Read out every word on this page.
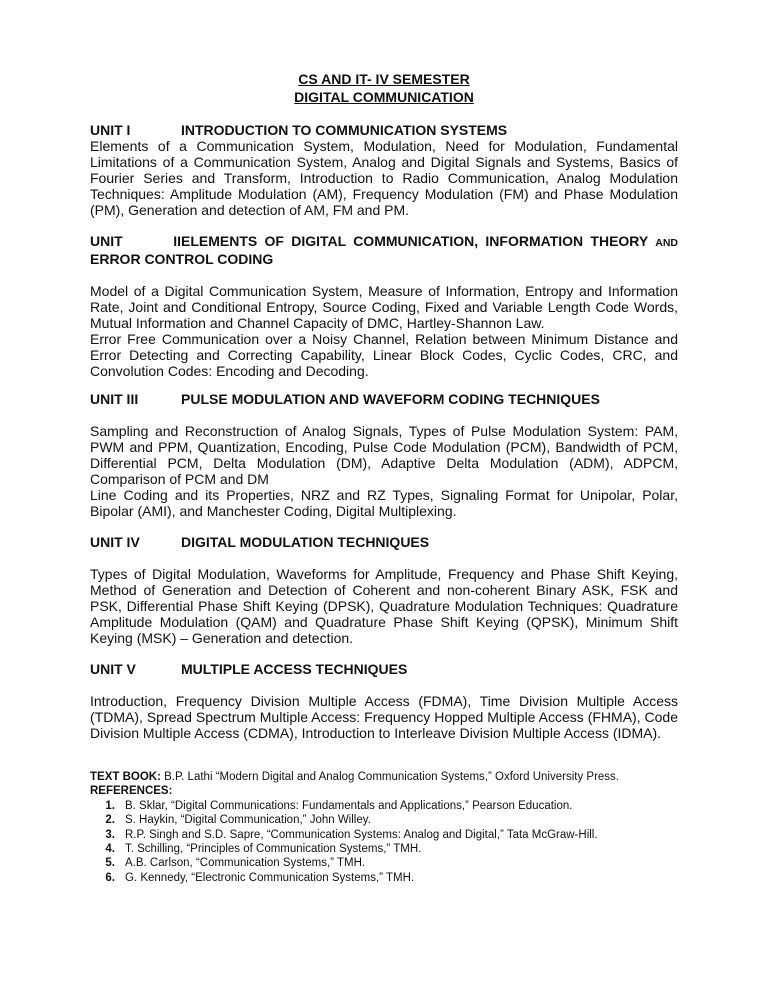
CS AND IT- IV SEMESTER
DIGITAL COMMUNICATION
UNIT I	INTRODUCTION TO COMMUNICATION SYSTEMS

Elements of a Communication System, Modulation, Need for Modulation, Fundamental Limitations of a Communication System, Analog and Digital Signals and Systems, Basics of Fourier Series and Transform, Introduction to Radio Communication, Analog Modulation Techniques: Amplitude Modulation (AM), Frequency Modulation (FM) and Phase Modulation (PM), Generation and detection of AM, FM and PM.

UNIT IIELEMENTS OF DIGITAL COMMUNICATION, INFORMATION THEORY AND
ERROR CONTROL CODING

Model of a Digital Communication System, Measure of Information, Entropy and Information Rate, Joint and Conditional Entropy, Source Coding, Fixed and Variable Length Code Words, Mutual Information and Channel Capacity of DMC, Hartley-Shannon Law.

Error Free Communication over a Noisy Channel, Relation between Minimum Distance and Error Detecting and Correcting Capability, Linear Block Codes, Cyclic Codes, CRC, and Convolution Codes: Encoding and Decoding.

UNIT III	PULSE MODULATION AND WAVEFORM CODING TECHNIQUES

Sampling and Reconstruction of Analog Signals, Types of Pulse Modulation System: PAM, PWM and PPM, Quantization, Encoding, Pulse Code Modulation (PCM), Bandwidth of PCM, Differential PCM, Delta Modulation (DM), Adaptive Delta Modulation (ADM), ADPCM, Comparison of PCM and DM

Line Coding and its Properties, NRZ and RZ Types, Signaling Format for Unipolar, Polar, Bipolar (AMI), and Manchester Coding, Digital Multiplexing.

UNIT IV	DIGITAL MODULATION TECHNIQUES

Types of Digital Modulation, Waveforms for Amplitude, Frequency and Phase Shift Keying, Method of Generation and Detection of Coherent and non-coherent Binary ASK, FSK and PSK, Differential Phase Shift Keying (DPSK), Quadrature Modulation Techniques: Quadrature Amplitude Modulation (QAM) and Quadrature Phase Shift Keying (QPSK), Minimum Shift Keying (MSK) – Generation and detection.

UNIT V	MULTIPLE ACCESS TECHNIQUES

Introduction, Frequency Division Multiple Access (FDMA), Time Division Multiple Access (TDMA), Spread Spectrum Multiple Access: Frequency Hopped Multiple Access (FHMA), Code Division Multiple Access (CDMA), Introduction to Interleave Division Multiple Access (IDMA).

TEXT BOOK: B.P. Lathi “Modern Digital and Analog Communication Systems,” Oxford University Press.
REFERENCES:
1. B. Sklar, “Digital Communications: Fundamentals and Applications,” Pearson Education.
2. S. Haykin, “Digital Communication,” John Willey.
3. R.P. Singh and S.D. Sapre, “Communication Systems: Analog and Digital,” Tata McGraw-Hill.
4. T. Schilling, “Principles of Communication Systems,” TMH.
5. A.B. Carlson, “Communication Systems,” TMH.
6. G. Kennedy, “Electronic Communication Systems,” TMH.
